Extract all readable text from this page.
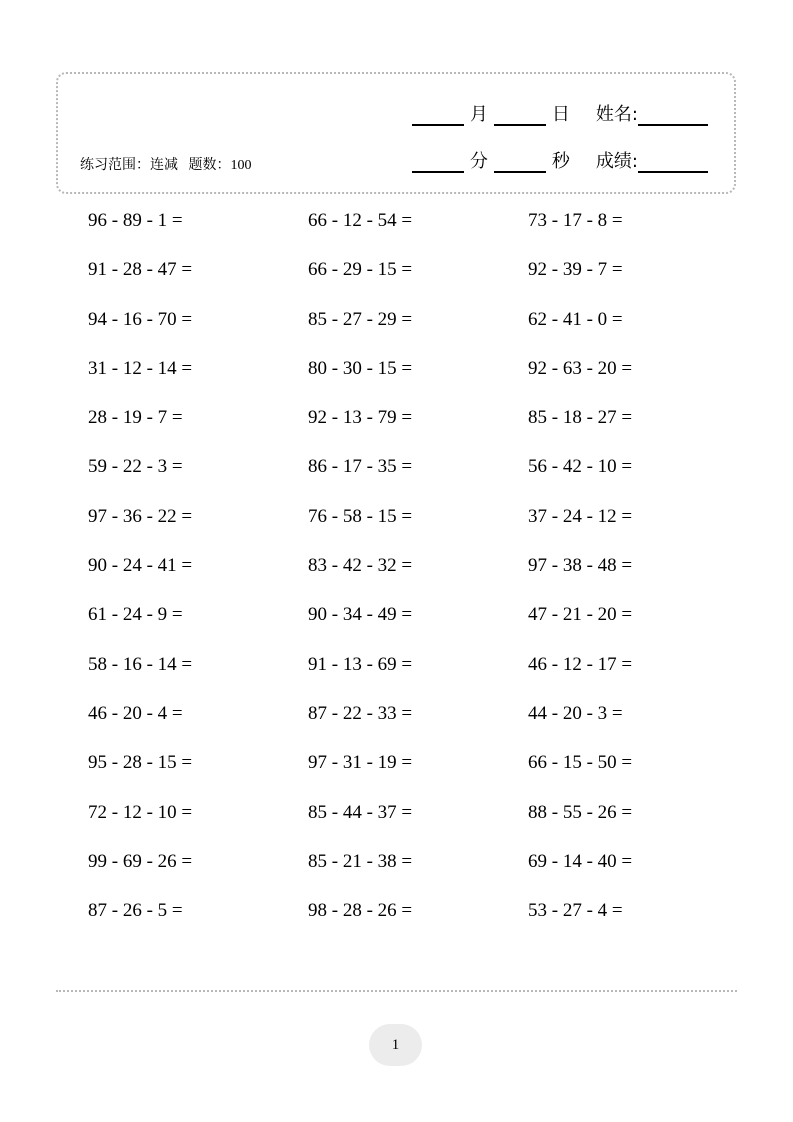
月	日 姓名:
练习范围：连减 题数：100	分	秒 成绩:
96 - 89 - 1 =	66 - 12 - 54 =	73 - 17 - 8 =
91 - 28 - 47 =	66 - 29 - 15 =	92 - 39 - 7 =
94 - 16 - 70 =	85 - 27 - 29 =	62 - 41 - 0 =
31 - 12 - 14 =	80 - 30 - 15 =	92 - 63 - 20 =
28 - 19 - 7 =	92 - 13 - 79 =	85 - 18 - 27 =
59 - 22 - 3 =	86 - 17 - 35 =	56 - 42 - 10 =
97 - 36 - 22 =	76 - 58 - 15 =	37 - 24 - 12 =
90 - 24 - 41 =	83 - 42 - 32 =	97 - 38 - 48 =
61 - 24 - 9 =	90 - 34 - 49 =	47 - 21 - 20 =
58 - 16 - 14 =	91 - 13 - 69 =	46 - 12 - 17 =
46 - 20 - 4 =	87 - 22 - 33 =	44 - 20 - 3 =
95 - 28 - 15 =	97 - 31 - 19 =	66 - 15 - 50 =
72 - 12 - 10 =	85 - 44 - 37 =	88 - 55 - 26 =
99 - 69 - 26 =	85 - 21 - 38 =	69 - 14 - 40 =
87 - 26 - 5 =	98 - 28 - 26 =	53 - 27 - 4 =
1
